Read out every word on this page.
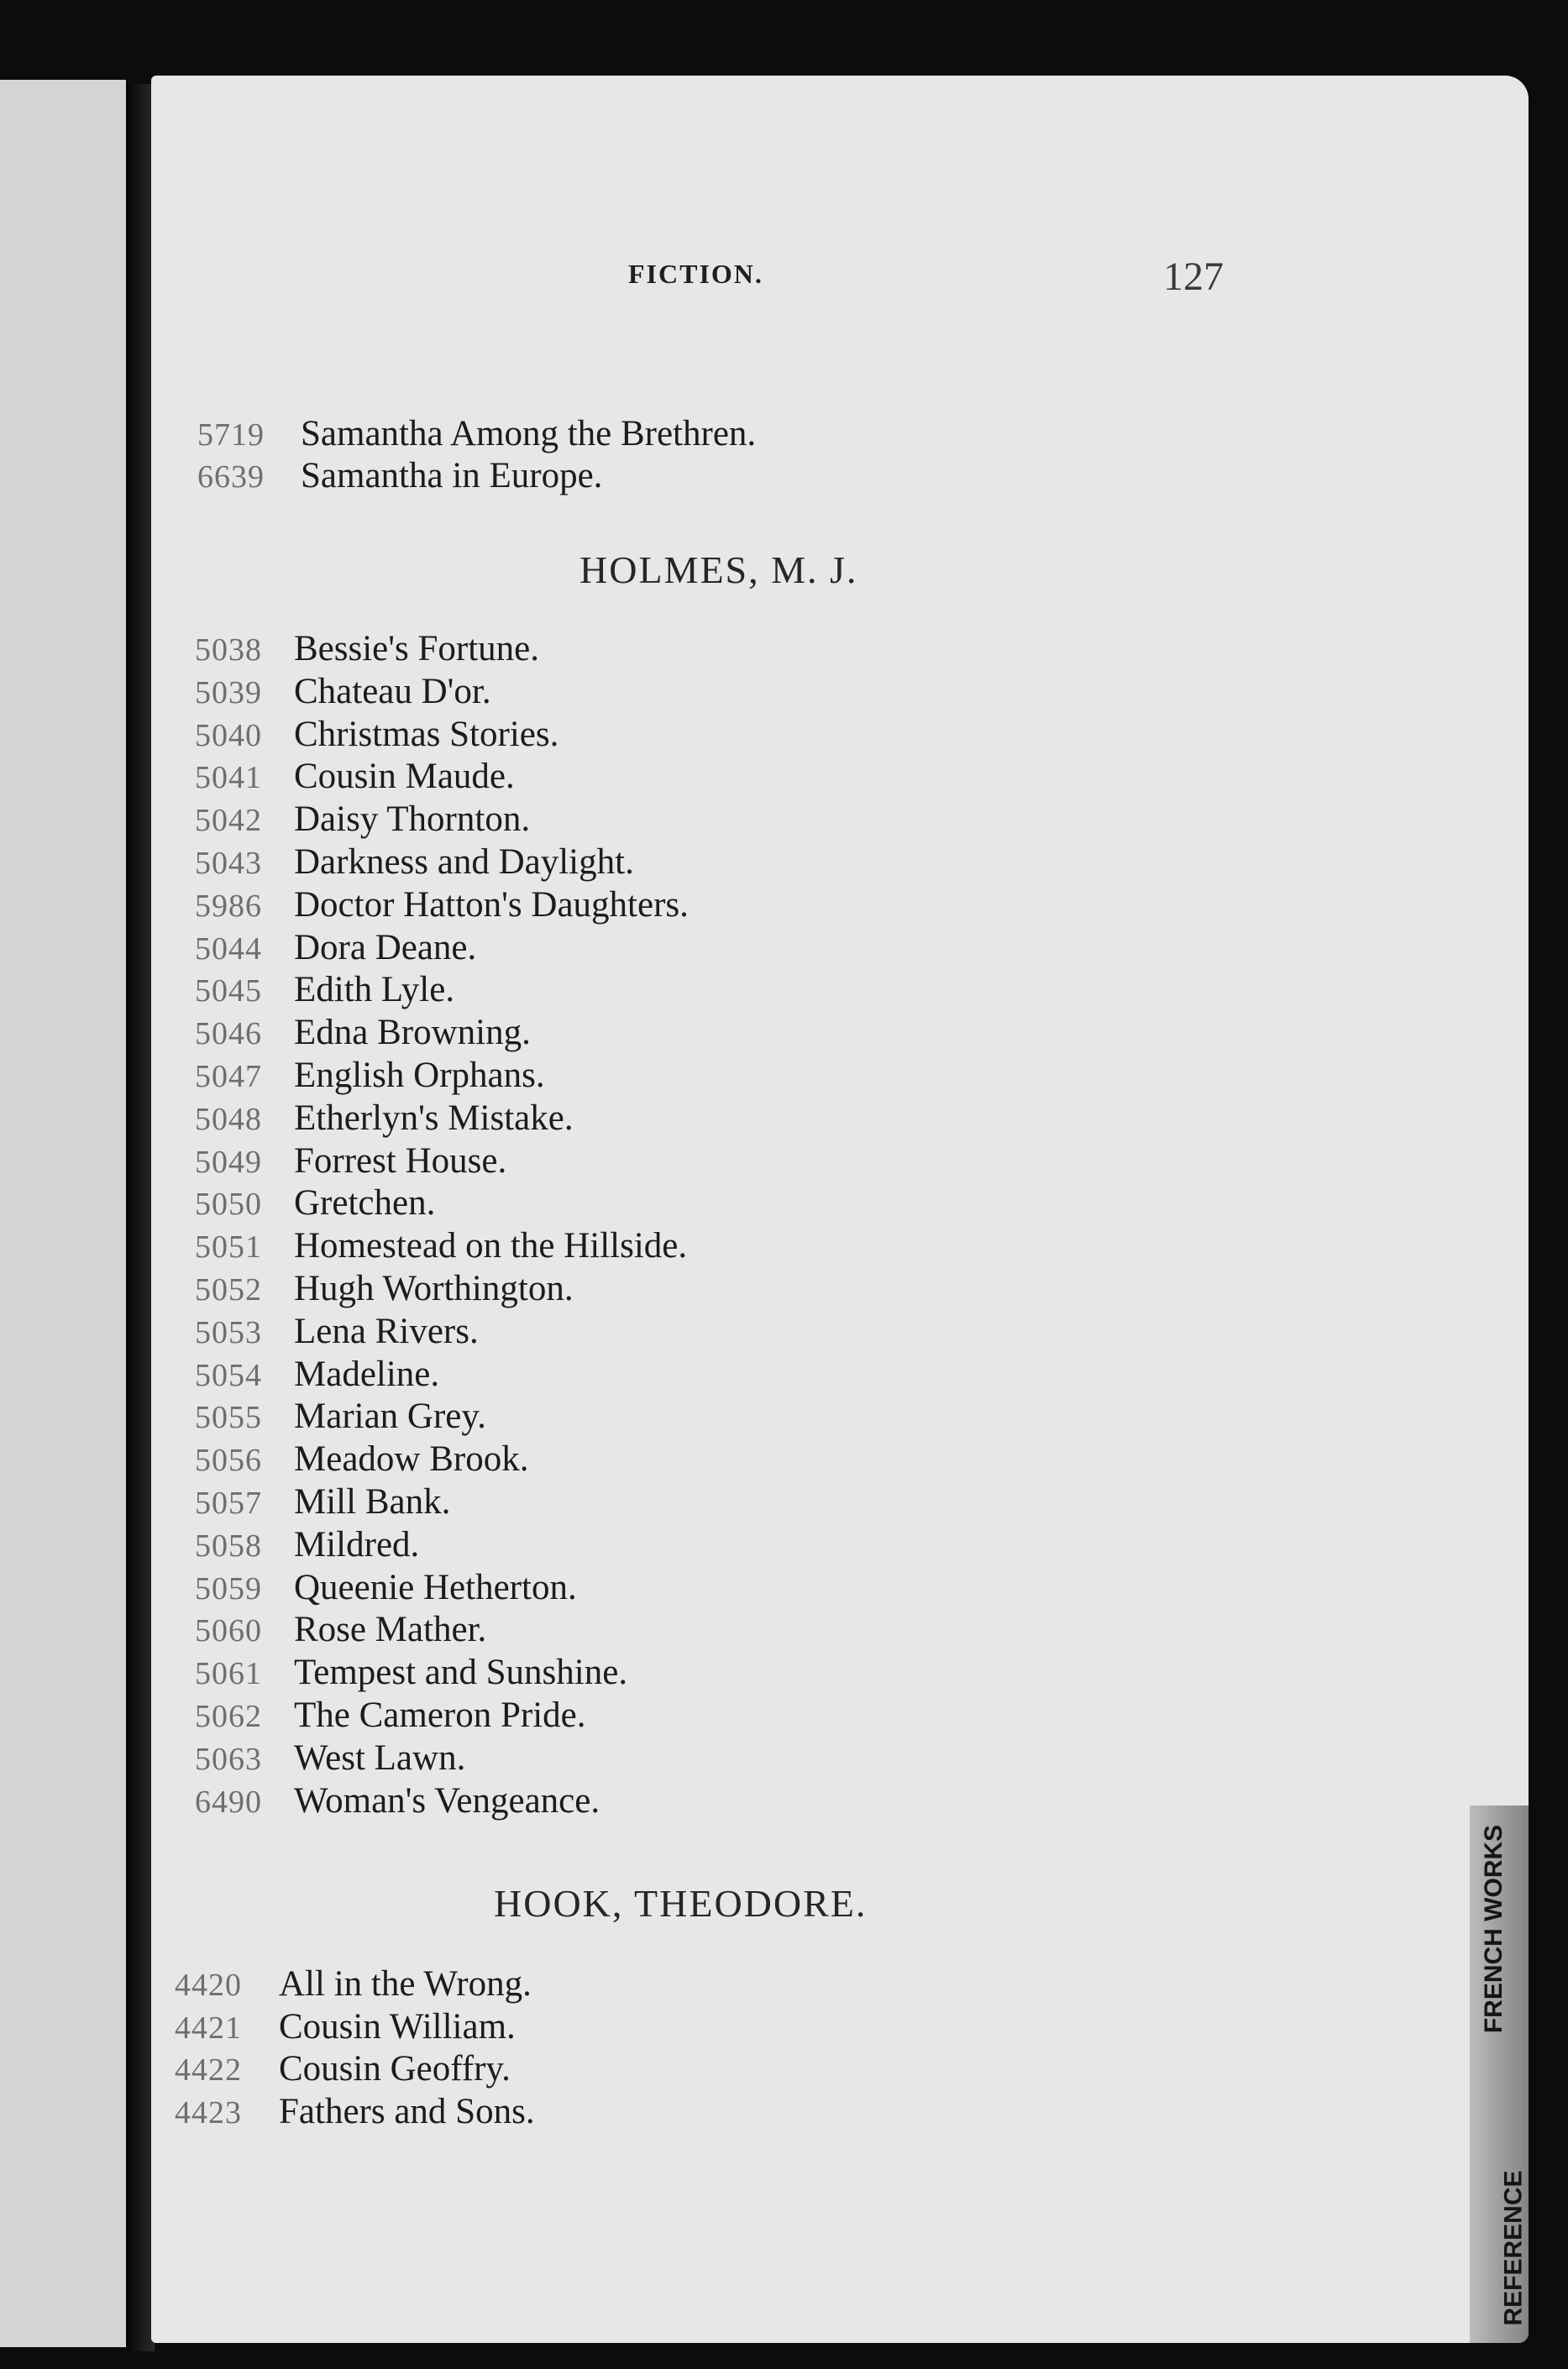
FICTION.	127
5719 Samantha Among the Brethren.
6639 Samantha in Europe.
HOLMES, M. J.
5038 Bessie's Fortune.
5039 Chateau D'or.
5040 Christmas Stories.
5041 Cousin Maude.
5042 Daisy Thornton.
5043 Darkness and Daylight.
5986 Doctor Hatton's Daughters.
5044 Dora Deane.
5045 Edith Lyle.
5046 Edna Browning.
5047 English Orphans.
5048 Etherlyn's Mistake.
5049 Forrest House.
5050 Gretchen.
5051 Homestead on the Hillside.
5052 Hugh Worthington.
5053 Lena Rivers.
5054 Madeline.
5055 Marian Grey.
5056 Meadow Brook.
5057 Mill Bank.
5058 Mildred.
5059 Queenie Hetherton.
5060 Rose Mather.
5061 Tempest and Sunshine.
5062 The Cameron Pride.
5063 West Lawn.
6490 Woman's Vengeance.
HOOK, THEODORE.
4420 All in the Wrong.
4421 Cousin William.
4422 Cousin Geoffry.
4423 Fathers and Sons.
FRENCH WORKS
REFERENCE
